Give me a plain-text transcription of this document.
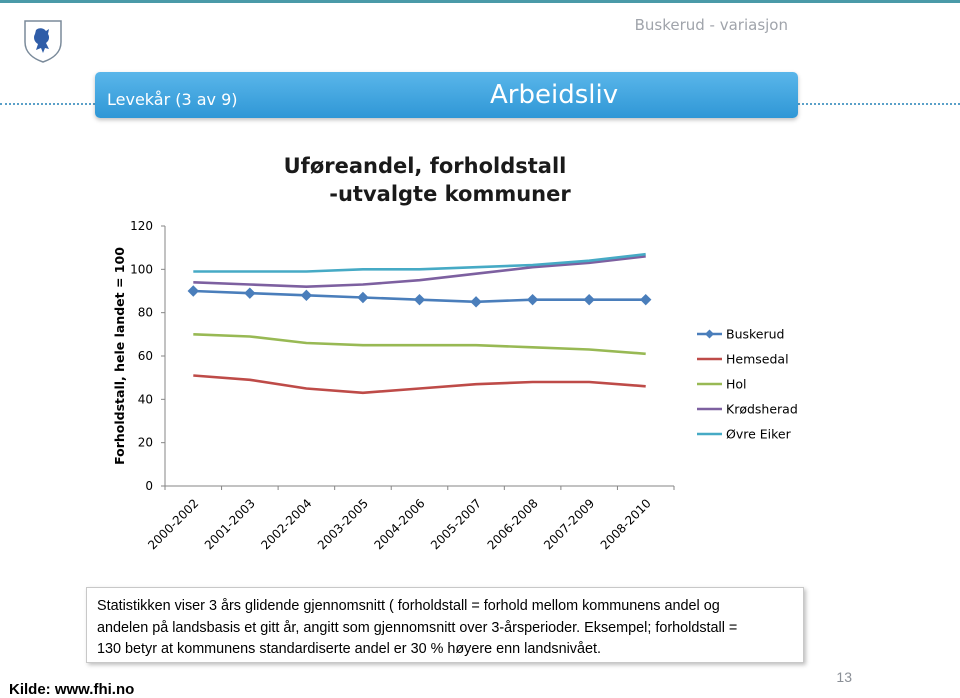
Buskerud - variasjon
Levekår (3 av 9)	Arbeidsliv
Uføreandel, forholdstall
-utvalgte kommuner
0
20
40
60
80
100
120
Forholdstall, hele landet = 100
2000-2002 2001-2003 2002-2004 2003-2005 2004-2006 2005-2007 2006-2008 2007-2009 2008-2010
Buskerud
Hemsedal
Hol
Krødsherad
Øvre Eiker
Statistikken viser 3 års glidende gjennomsnitt ( forholdstall = forhold mellom kommunens andel og
andelen på landsbasis et gitt år, angitt som gjennomsnitt over 3-årsperioder. Eksempel; forholdstall =
130 betyr at kommunens standardiserte andel er 30 % høyere enn landsnivået.
Kilde: www.fhi.no
13
